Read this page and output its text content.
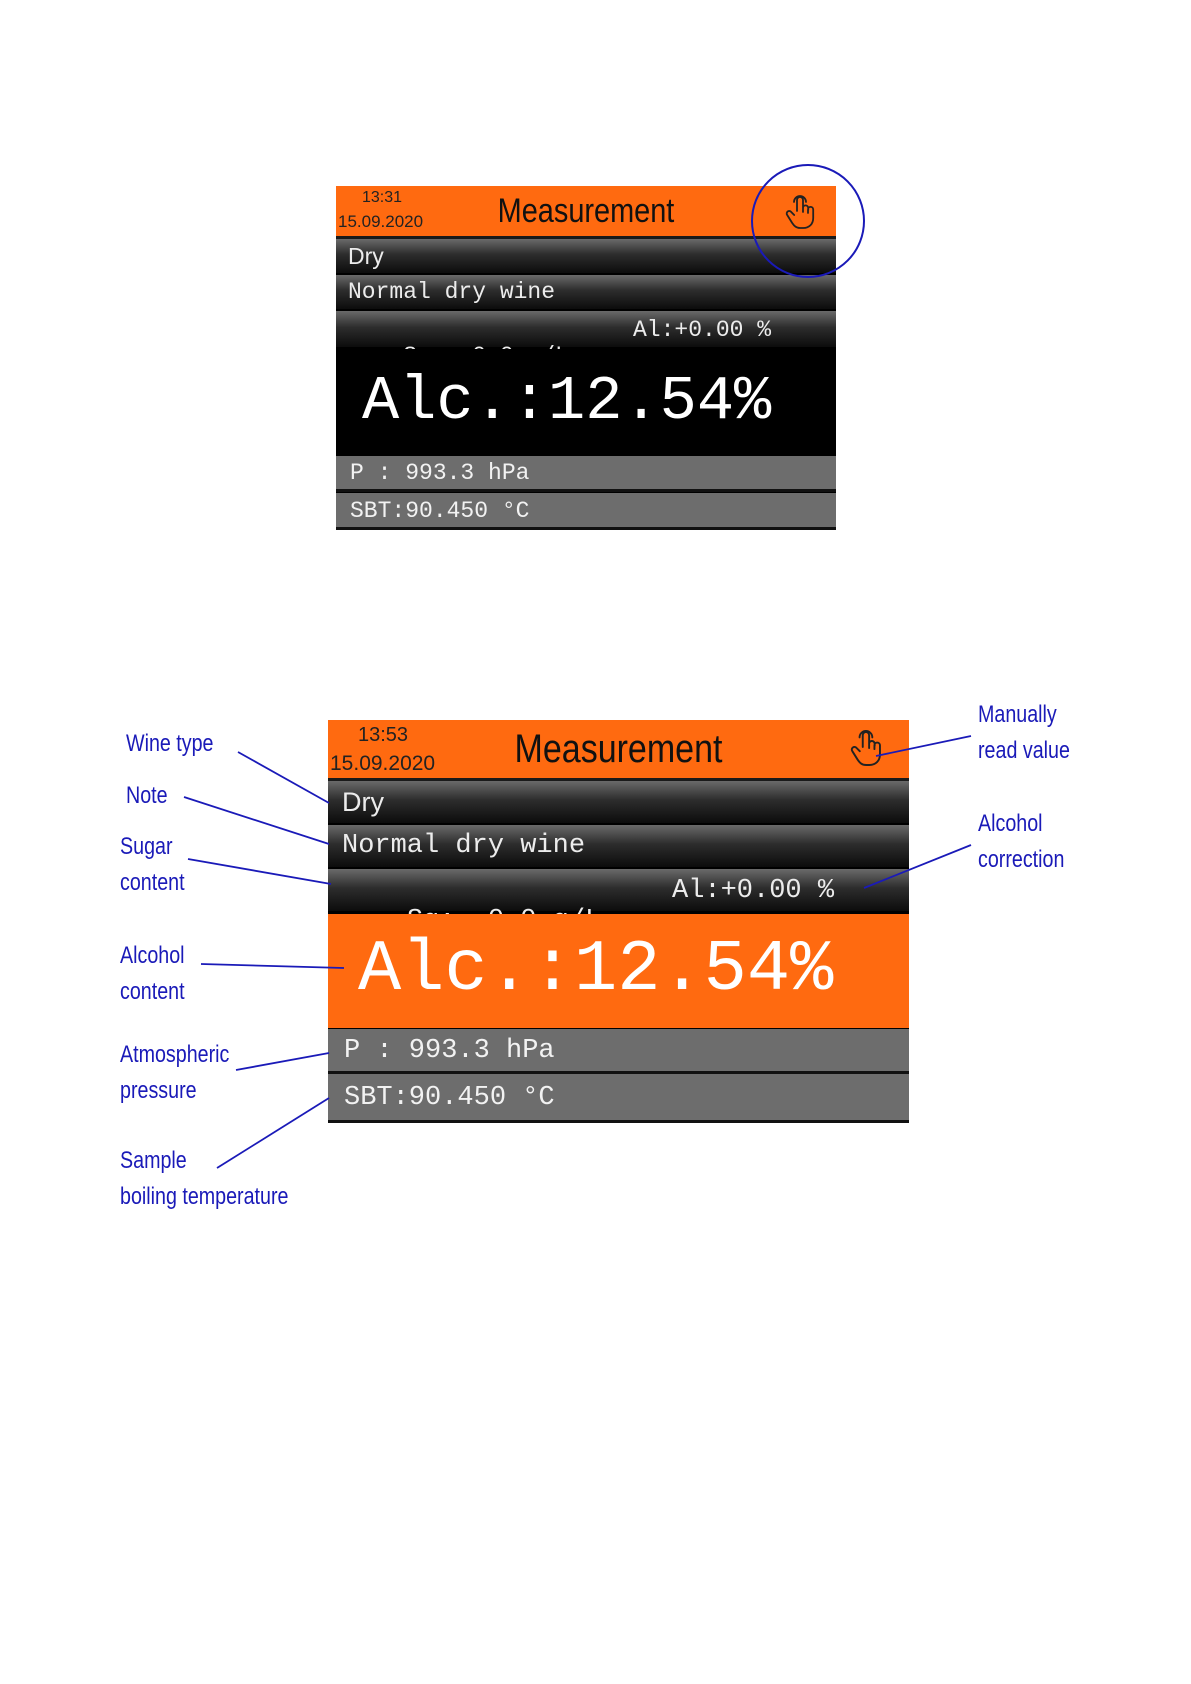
13:31
15.09.2020	Measurement
Dry
Normal dry wine

Al:+0.00 %

Alc.:12.54%
P : 993.3 hPa
SBT:90.450 °C
13:53
15.09.2020	Measurement
Dry
Normal dry wine

Al:+0.00 %

Alc.:12.54%
P : 993.3 hPa
SBT:90.450 °C
Wine type
Note
Sugar
content
Alcohol
content
Atmospheric
pressure
Sample
boiling temperature
Manually
read value
Alcohol
correction
